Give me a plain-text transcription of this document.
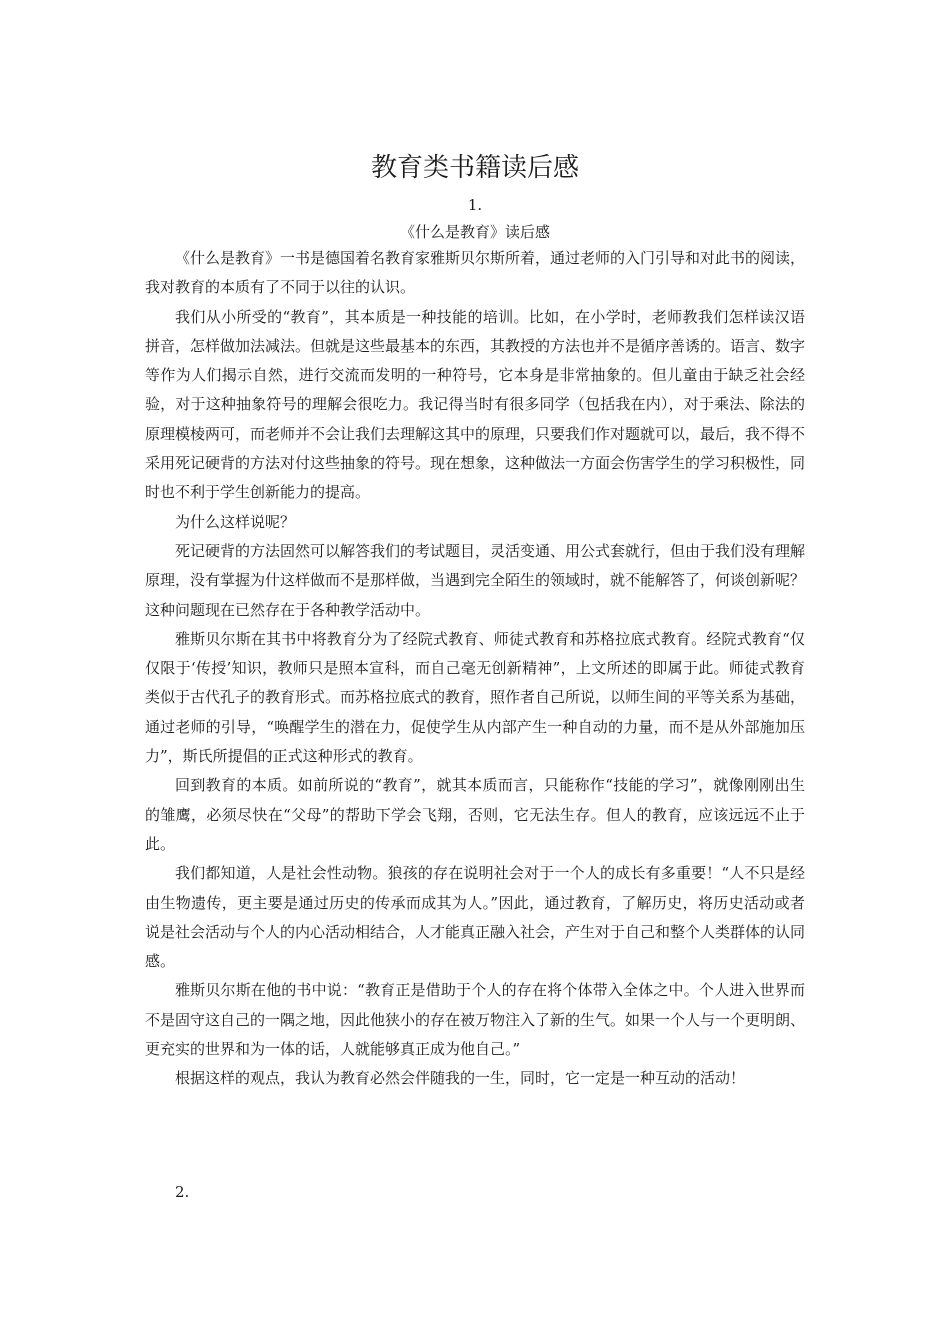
教育类书籍读后感
1.
《什么是教育》读后感

《什么是教育》一书是德国着名教育家雅斯贝尔斯所着，通过老师的入门引导和对此书的阅读，我对教育的本质有了不同于以往的认识。

我们从小所受的“教育”，其本质是一种技能的培训。比如，在小学时，老师教我们怎样读汉语拼音，怎样做加法减法。但就是这些最基本的东西，其教授的方法也并不是循序善诱的。语言、数字等作为人们揭示自然，进行交流而发明的一种符号，它本身是非常抽象的。但儿童由于缺乏社会经验，对于这种抽象符号的理解会很吃力。我记得当时有很多同学（包括我在内），对于乘法、除法的原理模棱两可，而老师并不会让我们去理解这其中的原理，只要我们作对题就可以，最后，我不得不采用死记硬背的方法对付这些抽象的符号。现在想象，这种做法一方面会伤害学生的学习积极性，同时也不利于学生创新能力的提高。

为什么这样说呢？

死记硬背的方法固然可以解答我们的考试题目，灵活变通、用公式套就行，但由于我们没有理解原理，没有掌握为什这样做而不是那样做，当遇到完全陌生的领域时，就不能解答了，何谈创新呢？这种问题现在已然存在于各种教学活动中。

雅斯贝尔斯在其书中将教育分为了经院式教育、师徒式教育和苏格拉底式教育。经院式教育“仅仅限于‘传授’知识，教师只是照本宣科，而自己毫无创新精神”，上文所述的即属于此。师徒式教育类似于古代孔子的教育形式。而苏格拉底式的教育，照作者自己所说，以师生间的平等关系为基础，通过老师的引导，“唤醒学生的潜在力，促使学生从内部产生一种自动的力量，而不是从外部施加压力”，斯氏所提倡的正式这种形式的教育。

回到教育的本质。如前所说的“教育”，就其本质而言，只能称作“技能的学习”，就像刚刚出生的雏鹰，必须尽快在“父母”的帮助下学会飞翔，否则，它无法生存。但人的教育，应该远远不止于此。

我们都知道，人是社会性动物。狼孩的存在说明社会对于一个人的成长有多重要！“人不只是经由生物遗传，更主要是通过历史的传承而成其为人。”因此，通过教育，了解历史，将历史活动或者说是社会活动与个人的内心活动相结合，人才能真正融入社会，产生对于自己和整个人类群体的认同感。

雅斯贝尔斯在他的书中说：“教育正是借助于个人的存在将个体带入全体之中。个人进入世界而不是固守这自己的一隅之地，因此他狭小的存在被万物注入了新的生气。如果一个人与一个更明朗、更充实的世界和为一体的话，人就能够真正成为他自己。”

根据这样的观点，我认为教育必然会伴随我的一生，同时，它一定是一种互动的活动！

2.
